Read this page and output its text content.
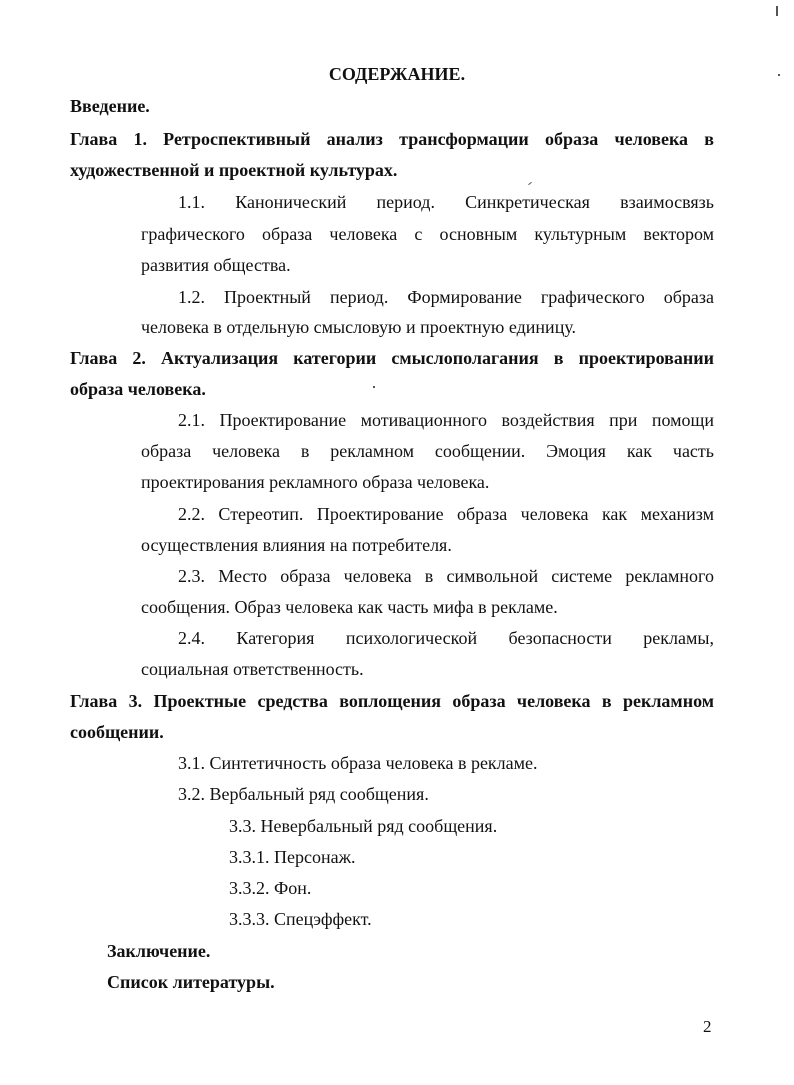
СОДЕРЖАНИЕ.
Введение.
Глава 1. Ретроспективный анализ трансформации образа человека в
художественной и проектной культурах.
1.1. Канонический период. Синкретическая взаимосвязь
графического образа человека с основным культурным вектором
развития общества.
1.2. Проектный период. Формирование графического образа
человека в отдельную смысловую и проектную единицу.
Глава 2. Актуализация категории смыслополагания в проектировании
образа человека.
2.1. Проектирование мотивационного воздействия при помощи
образа человека в рекламном сообщении. Эмоция как часть
проектирования рекламного образа человека.
2.2. Стереотип. Проектирование образа человека как механизм
осуществления влияния на потребителя.
2.3. Место образа человека в символьной системе рекламного
сообщения. Образ человека как часть мифа в рекламе.
2.4. Категория психологической безопасности рекламы,
социальная ответственность.
Глава 3. Проектные средства воплощения образа человека в рекламном
сообщении.
3.1. Синтетичность образа человека в рекламе.
3.2. Вербальный ряд сообщения.
3.3. Невербальный ряд сообщения.
3.3.1. Персонаж.
3.3.2. Фон.
3.3.3. Спецэффект.
Заключение.
Список литературы.
2
